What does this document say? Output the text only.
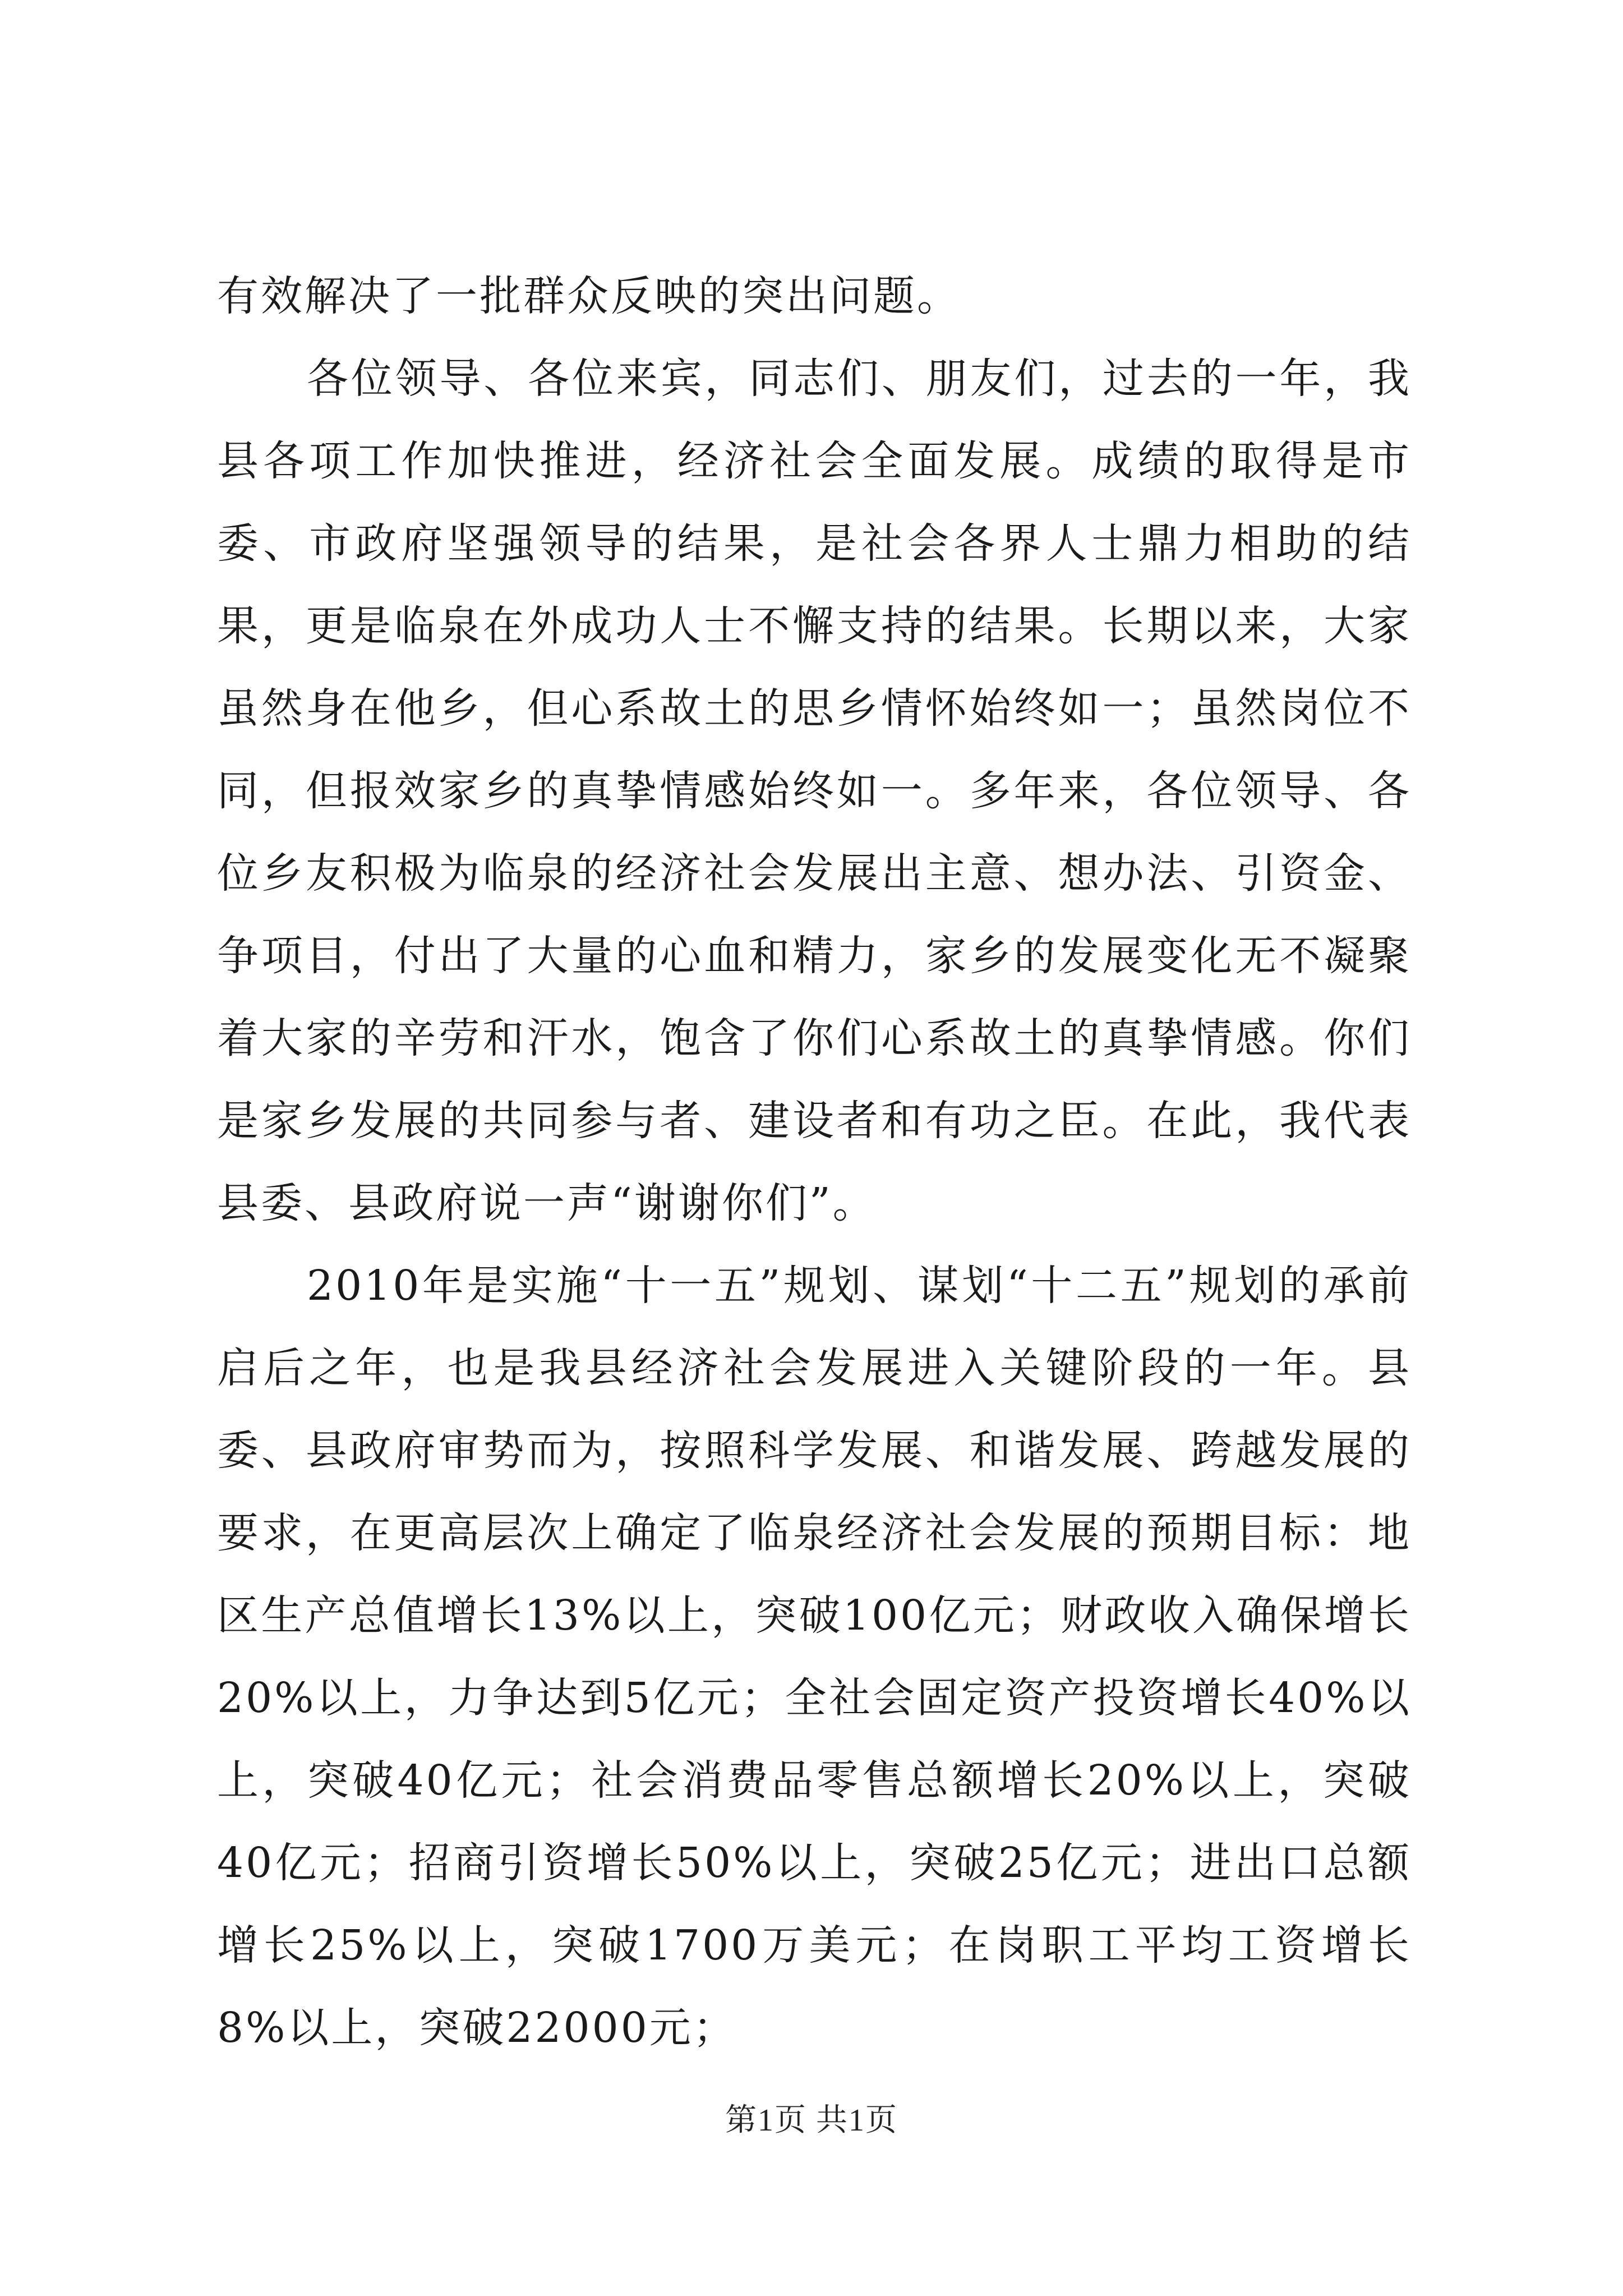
有效解决了一批群众反映的突出问题。

各位领导、各位来宾，同志们、朋友们，过去的一年，我县各项工作加快推进，经济社会全面发展。成绩的取得是市委、市政府坚强领导的结果，是社会各界人士鼎力相助的结果，更是临泉在外成功人士不懈支持的结果。长期以来，大家虽然身在他乡，但心系故土的思乡情怀始终如一；虽然岗位不同，但报效家乡的真挚情感始终如一。多年来，各位领导、各位乡友积极为临泉的经济社会发展出主意、想办法、引资金、争项目，付出了大量的心血和精力，家乡的发展变化无不凝聚着大家的辛劳和汗水，饱含了你们心系故土的真挚情感。你们是家乡发展的共同参与者、建设者和有功之臣。在此，我代表县委、县政府说一声“谢谢你们”。

2010年是实施“十一五”规划、谋划“十二五”规划的承前启后之年，也是我县经济社会发展进入关键阶段的一年。县委、县政府审势而为，按照科学发展、和谐发展、跨越发展的要求，在更高层次上确定了临泉经济社会发展的预期目标：地区生产总值增长13%以上，突破100亿元；财政收入确保增长20%以上，力争达到5亿元；全社会固定资产投资增长40%以上，突破40亿元；社会消费品零售总额增长20%以上，突破40亿元；招商引资增长50%以上，突破25亿元；进出口总额增长25%以上，突破1700万美元；在岗职工平均工资增长8%以上，突破22000元；

第1页 共1页
